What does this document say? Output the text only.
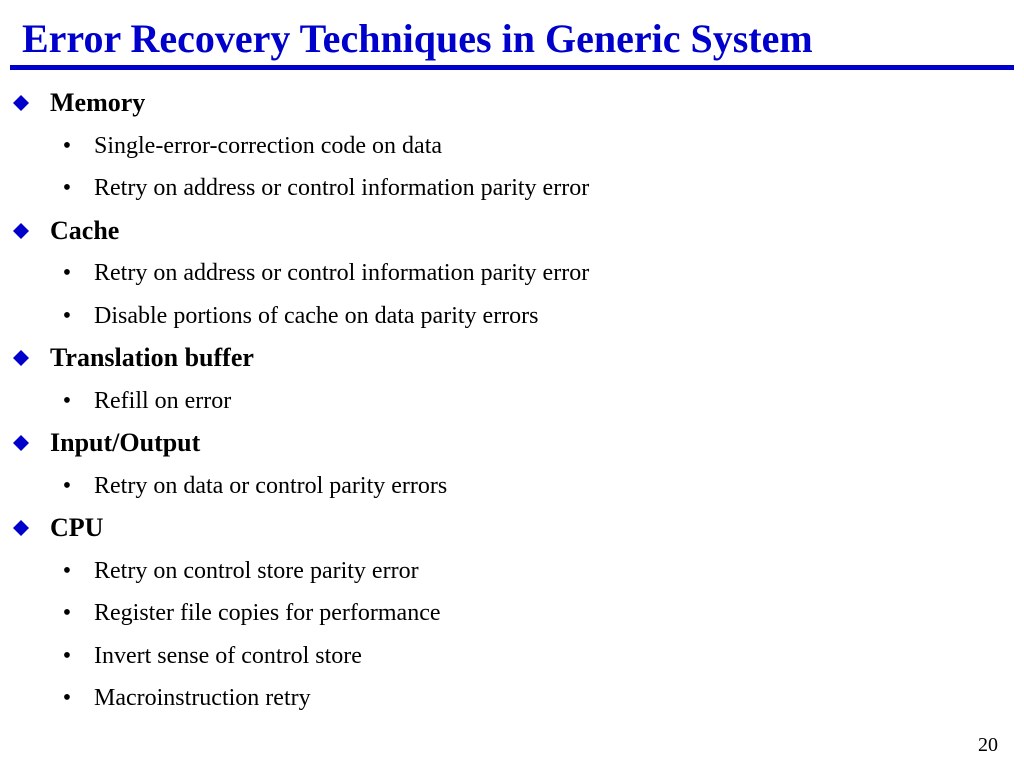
Error Recovery Techniques in Generic System
Memory
• Single-error-correction code on data
• Retry on address or control information parity error
Cache
• Retry on address or control information parity error
• Disable portions of cache on data parity errors
Translation buffer
• Refill on error
Input/Output
• Retry on data or control parity errors
CPU
• Retry on control store parity error
• Register file copies for performance
• Invert sense of control store
• Macroinstruction retry
20
